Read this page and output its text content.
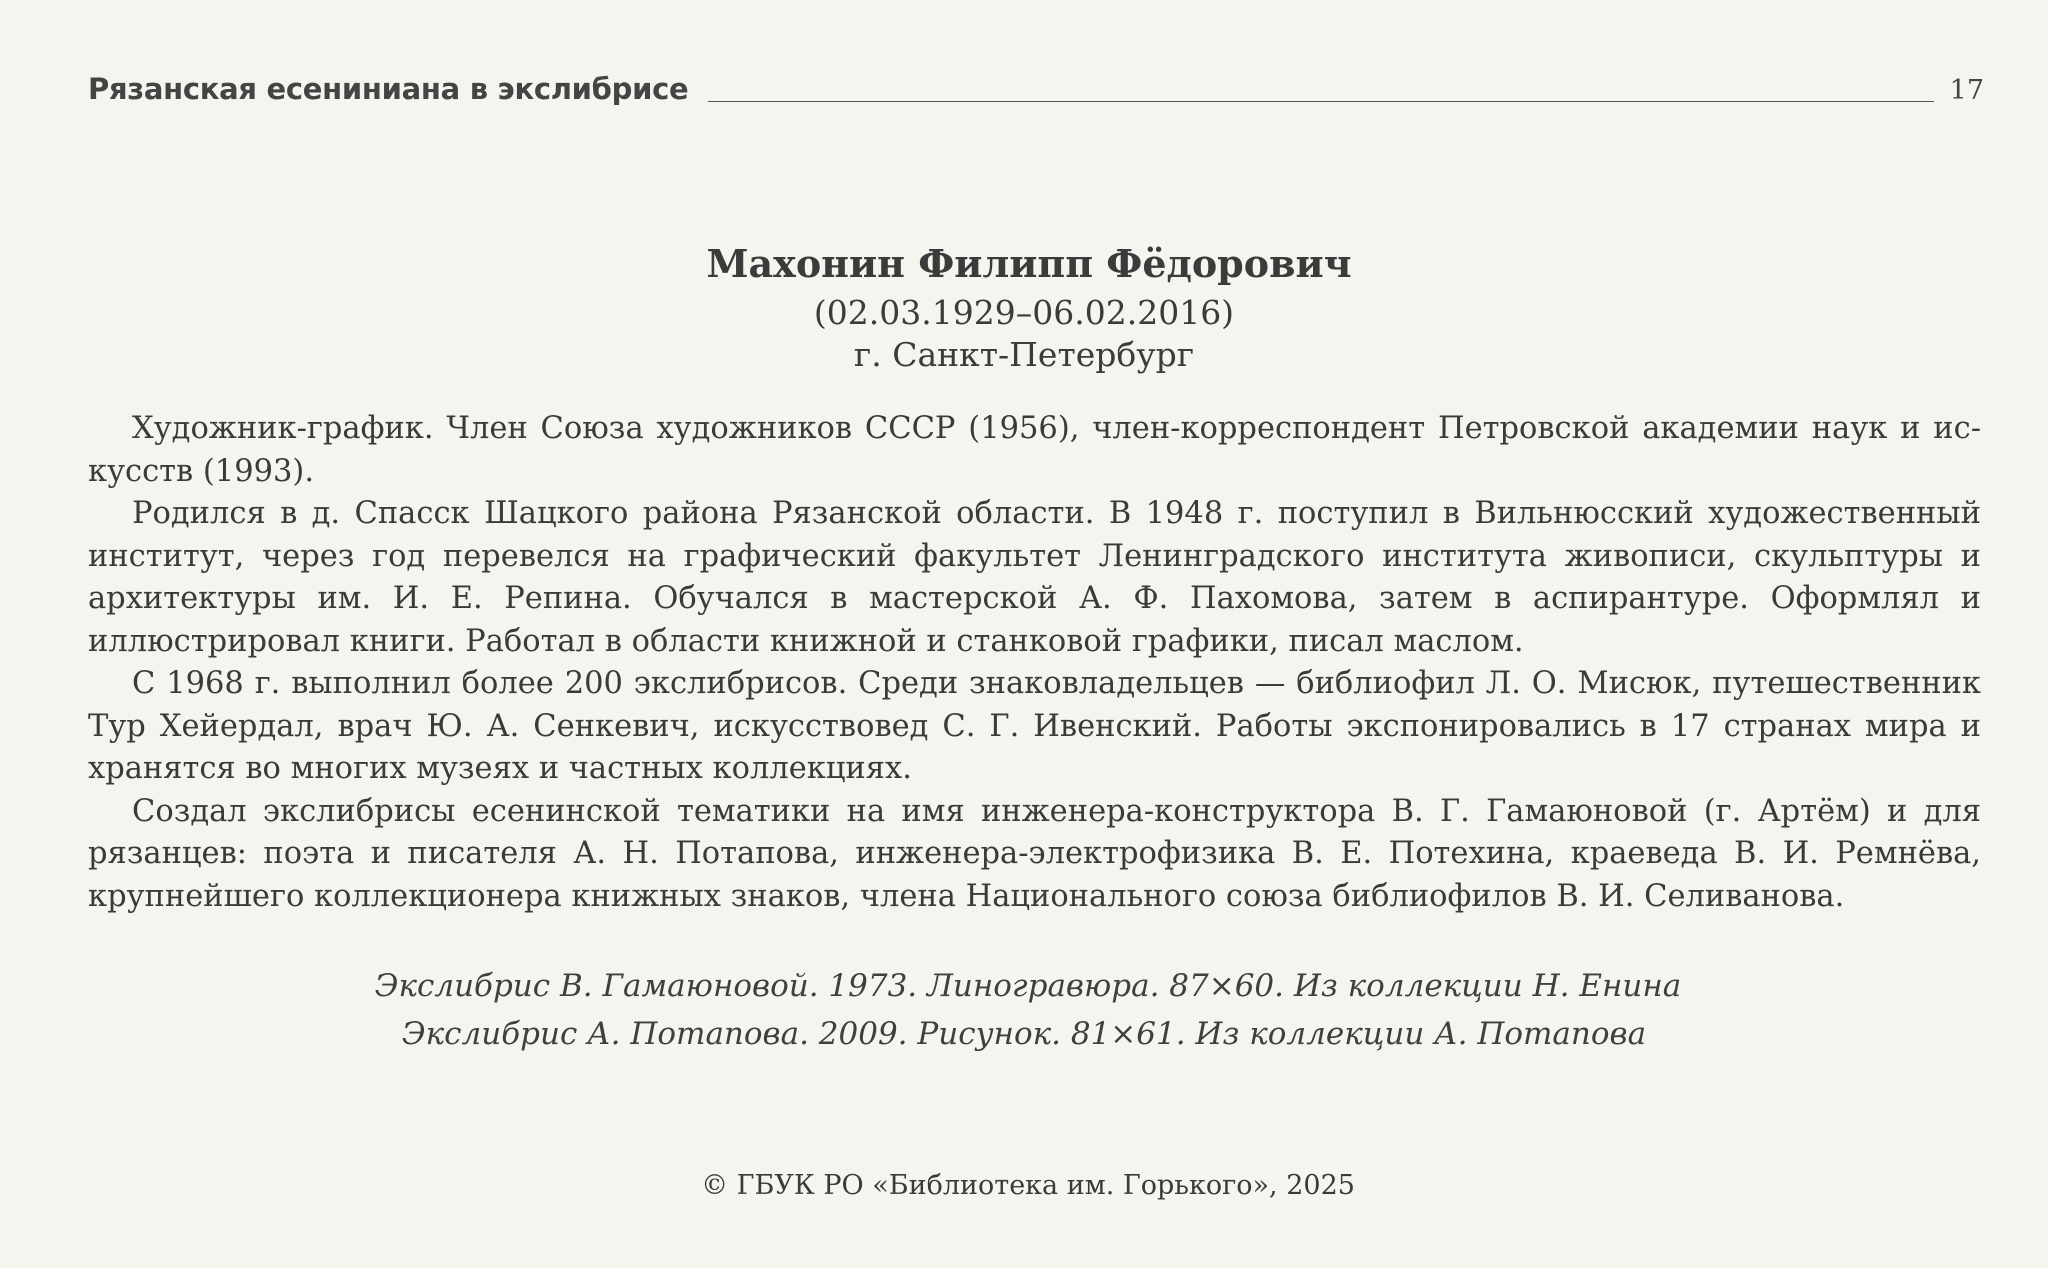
Рязанская есениниана в экслибрисе	17
Махонин Филипп Фёдорович
(02.03.1929–06.02.2016)
г. Санкт-Петербург

Художник-график. Член Союза художников СССР (1956), член-корреспондент Петровской академии наук и искусств (1993).

Родился в д. Спасск Шацкого района Рязанской области. В 1948 г. поступил в Вильнюсский художественный институт, через год перевелся на графический факультет Ленинградского института живописи, скульптуры и архитектуры им. И. Е. Репина. Обучался в мастерской А. Ф. Пахомова, затем в аспирантуре. Оформлял и иллюстрировал книги. Работал в области книжной и станковой графики, писал маслом.

С 1968 г. выполнил более 200 экслибрисов. Среди знаковладельцев — библиофил Л. О. Мисюк, путешественник Тур Хейердал, врач Ю. А. Сенкевич, искусствовед С. Г. Ивенский. Работы экспонировались в 17 странах мира и хранятся во многих музеях и частных коллекциях.

Создал экслибрисы есенинской тематики на имя инженера-конструктора В. Г. Гамаюновой (г. Артём) и для рязанцев: поэта и писателя А. Н. Потапова, инженера-электрофизика В. Е. Потехина, краеведа В. И. Ремнёва, крупнейшего коллекционера книжных знаков, члена Национального союза библиофилов В. И. Селиванова.

Экслибрис В. Гамаюновой. 1973. Линогравюра. 87×60. Из коллекции Н. Енина
Экслибрис А. Потапова. 2009. Рисунок. 81×61. Из коллекции А. Потапова
© ГБУК РО «Библиотека им. Горького», 2025
